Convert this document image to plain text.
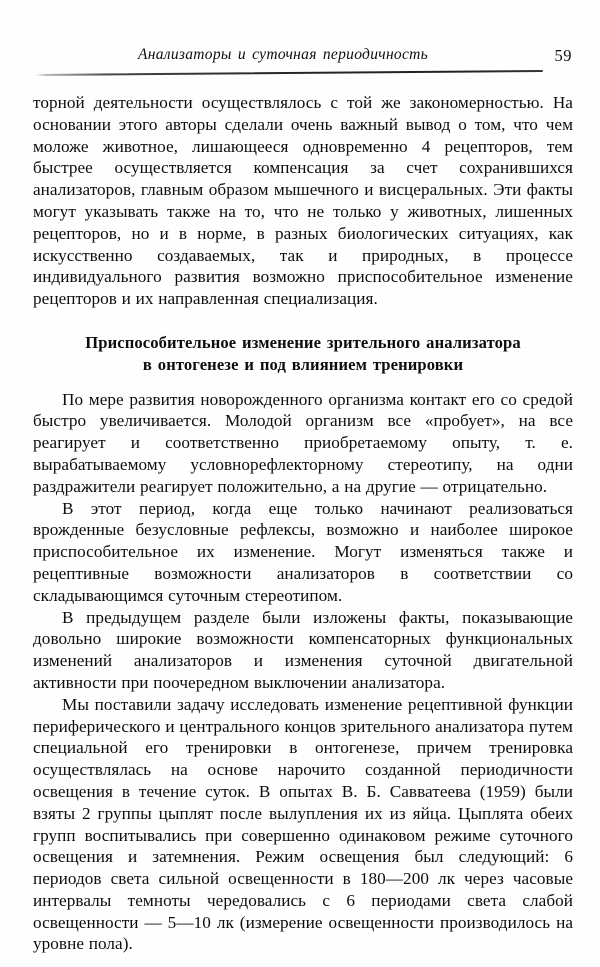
Анализаторы и суточная периодичность	59

торной деятельности осуществлялось с той же закономерностью. На основании этого авторы сделали очень важный вывод о том, что чем моложе животное, лишающееся одновременно 4 рецепторов, тем быстрее осуществляется компенсация за счет сохранившихся анализаторов, главным образом мышечного и висцеральных. Эти факты могут указывать также на то, что не только у животных, лишенных рецепторов, но и в норме, в разных биологических ситуациях, как искусственно создаваемых, так и природных, в процессе индивидуального развития возможно приспособительное изменение рецепторов и их направленная специализация.

Приспособительное изменение зрительного анализатора
в онтогенезе и под влиянием тренировки

По мере развития новорожденного организма контакт его со средой быстро увеличивается. Молодой организм все «пробует», на все реагирует и соответственно приобретаемому опыту, т. е. вырабатываемому условнорефлекторному стереотипу, на одни раздражители реагирует положительно, а на другие — отрицательно.

В этот период, когда еще только начинают реализоваться врожденные безусловные рефлексы, возможно и наиболее широкое приспособительное их изменение. Могут изменяться также и рецептивные возможности анализаторов в соответствии со складывающимся суточным стереотипом.

В предыдущем разделе были изложены факты, показывающие довольно широкие возможности компенсаторных функциональных изменений анализаторов и изменения суточной двигательной активности при поочередном выключении анализатора.

Мы поставили задачу исследовать изменение рецептивной функции периферического и центрального концов зрительного анализатора путем специальной его тренировки в онтогенезе, причем тренировка осуществлялась на основе нарочито созданной периодичности освещения в течение суток. В опытах В. Б. Савватеева (1959) были взяты 2 группы цыплят после вылупления их из яйца. Цыплята обеих групп воспитывались при совершенно одинаковом режиме суточного освещения и затемнения. Режим освещения был следующий: 6 периодов света сильной освещенности в 180—200 лк через часовые интервалы темноты чередовались с 6 периодами света слабой освещенности — 5—10 лк (измерение освещенности производилось на уровне пола).
